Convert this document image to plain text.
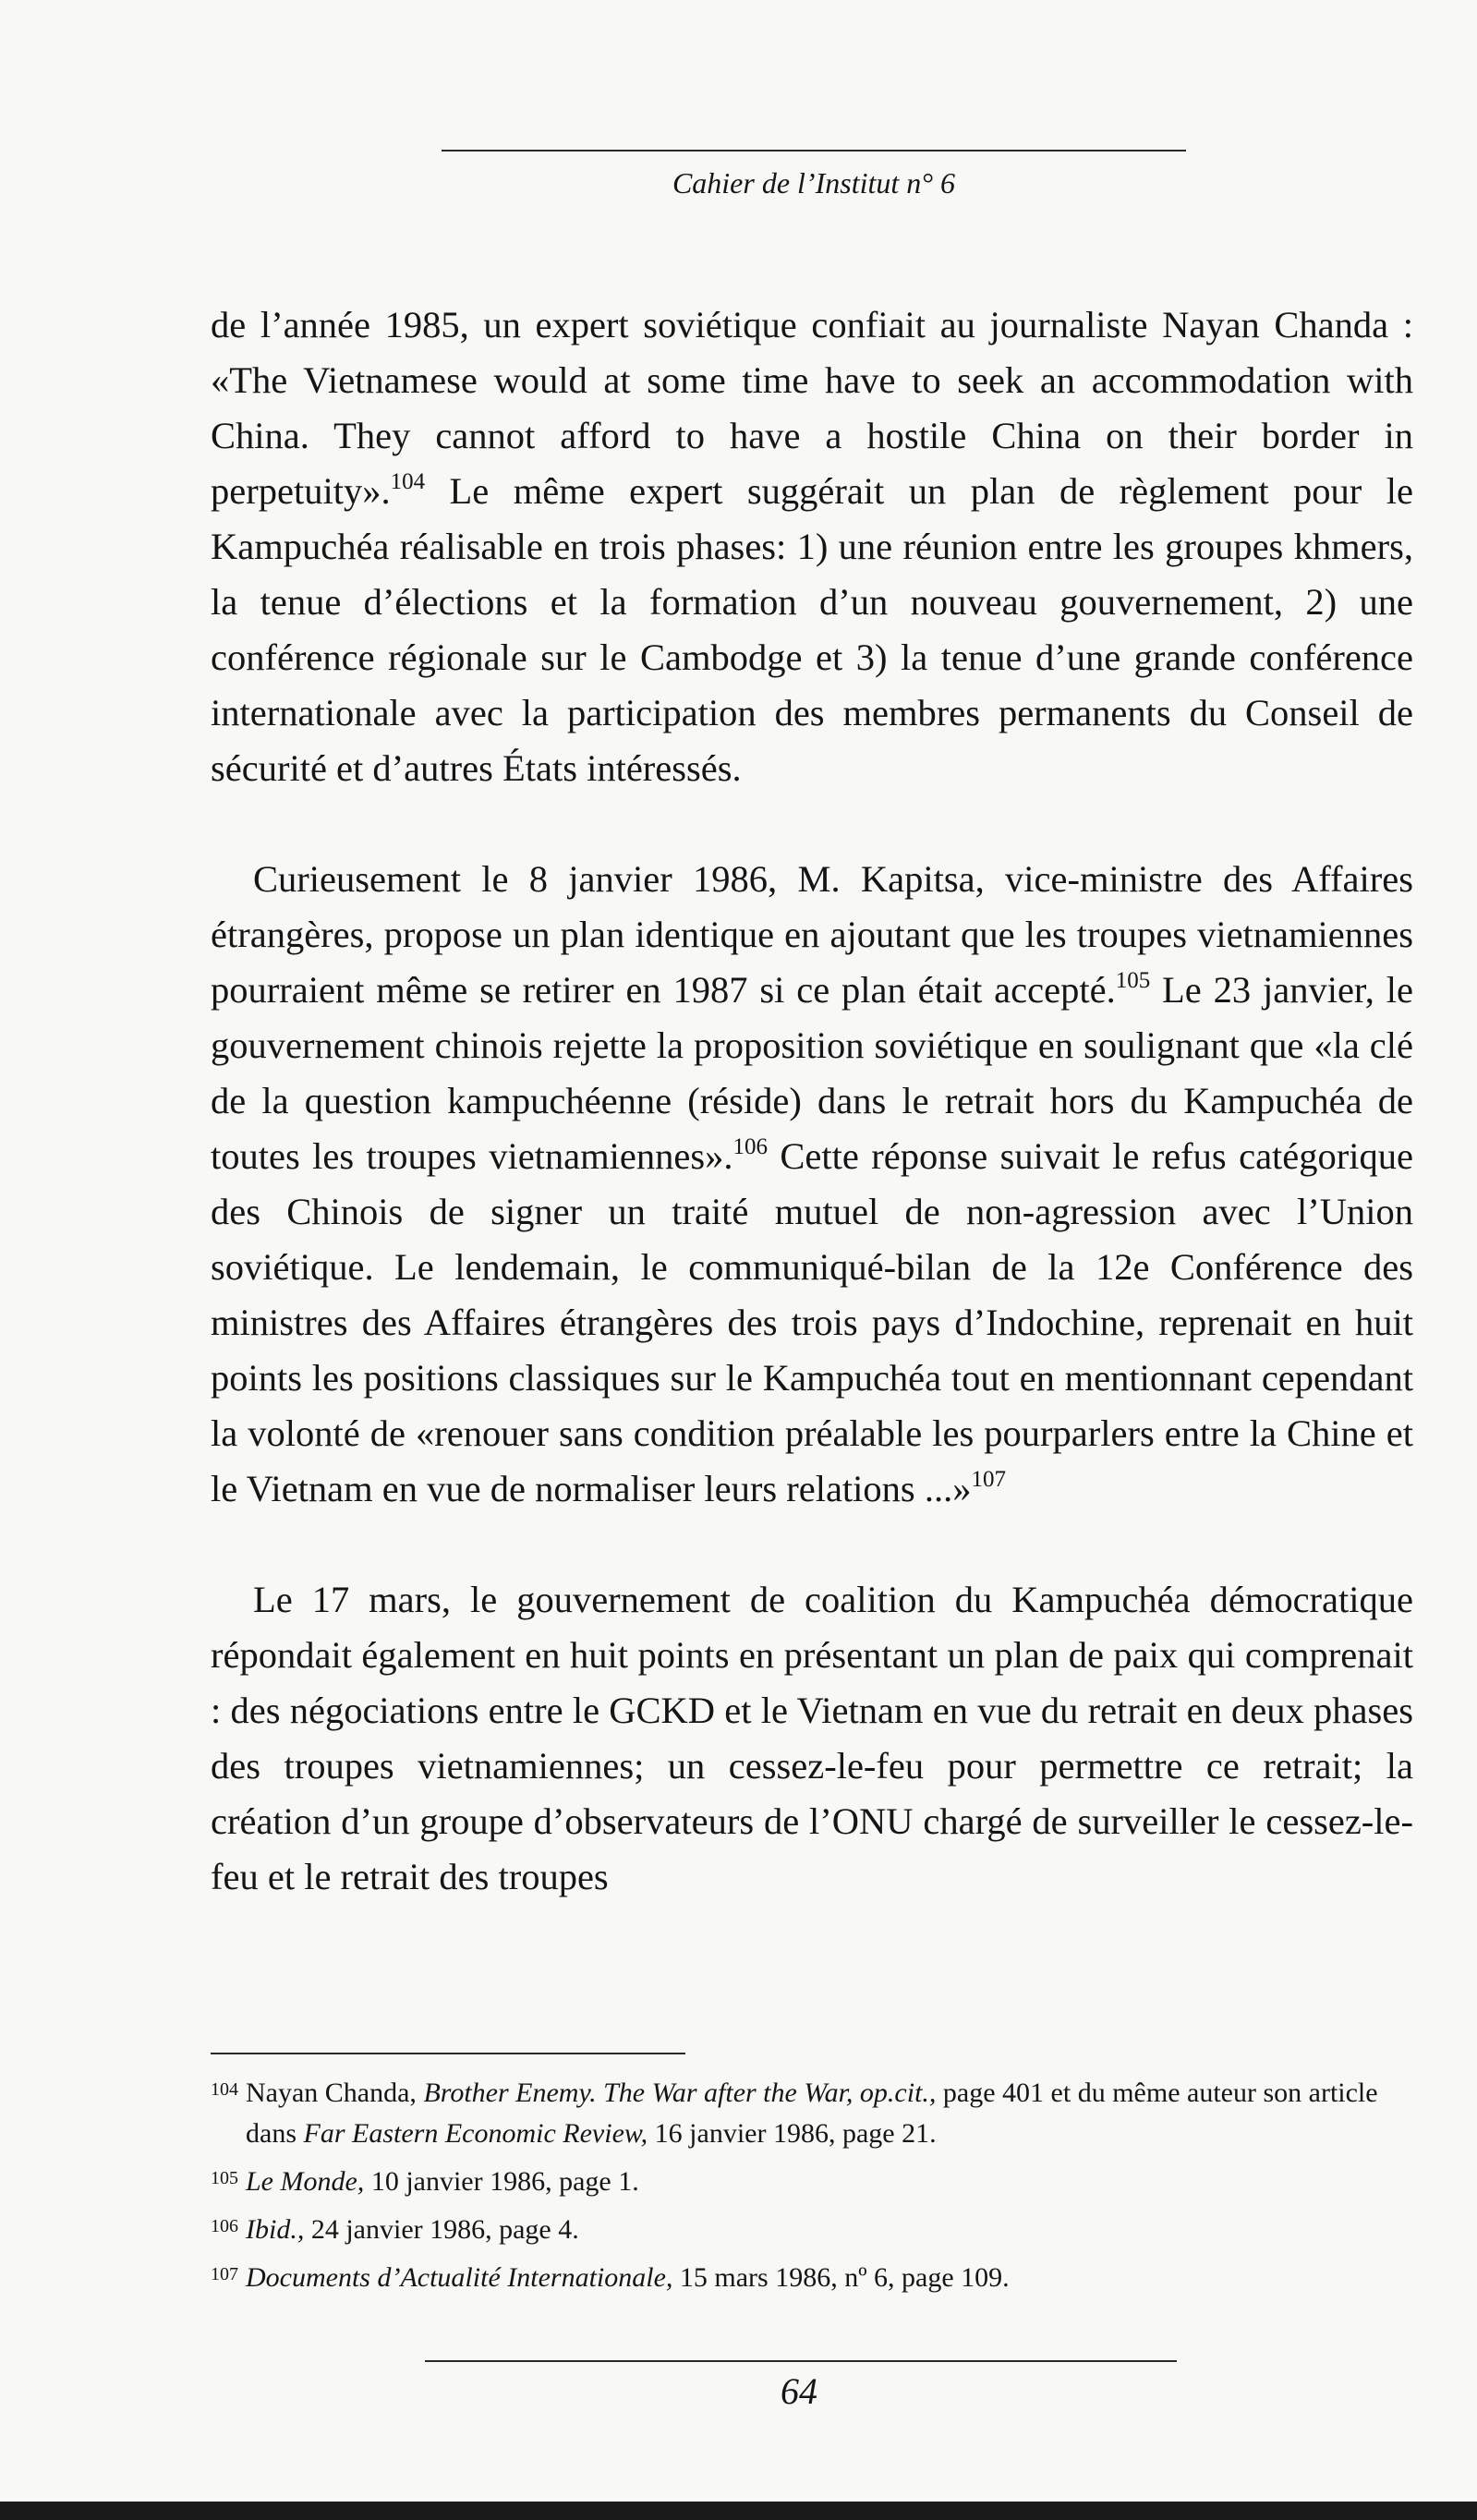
Cahier de l’Institut n° 6

de l’année 1985, un expert soviétique confiait au journaliste Nayan Chanda : «The Vietnamese would at some time have to seek an accommodation with China. They cannot afford to have a hostile China on their border in perpetuity».$^{104}$ Le même expert suggérait un plan de règlement pour le Kampuchéa réalisable en trois phases: 1) une réunion entre les groupes khmers, la tenue d’élections et la formation d’un nouveau gouvernement, 2) une conférence régionale sur le Cambodge et 3) la tenue d’une grande conférence internationale avec la participation des membres permanents du Conseil de sécurité et d’autres États intéressés.

Curieusement le 8 janvier 1986, M. Kapitsa, vice-ministre des Affaires étrangères, propose un plan identique en ajoutant que les troupes vietnamiennes pourraient même se retirer en 1987 si ce plan était accepté.$^{105}$ Le 23 janvier, le gouvernement chinois rejette la proposition soviétique en soulignant que «la clé de la question kampuchéenne (réside) dans le retrait hors du Kampuchéa de toutes les troupes vietnamiennes».$^{106}$ Cette réponse suivait le refus catégorique des Chinois de signer un traité mutuel de non-agression avec l’Union soviétique. Le lendemain, le communiqué-bilan de la 12e Conférence des ministres des Affaires étrangères des trois pays d’Indochine, reprenait en huit points les positions classiques sur le Kampuchéa tout en mentionnant cependant la volonté de «renouer sans condition préalable les pourparlers entre la Chine et le Vietnam en vue de normaliser leurs relations ...»$^{107}$

Le 17 mars, le gouvernement de coalition du Kampuchéa démocratique répondait également en huit points en présentant un plan de paix qui comprenait : des négociations entre le GCKD et le Vietnam en vue du retrait en deux phases des troupes vietnamiennes; un cessez-le-feu pour permettre ce retrait; la création d’un groupe d’observateurs de l’ONU chargé de surveiller le cessez-le-feu et le retrait des troupes

104 Nayan Chanda, Brother Enemy. The War after the War, op.cit., page 401 et du même auteur son article dans Far Eastern Economic Review, 16 janvier 1986, page 21.
105 Le Monde, 10 janvier 1986, page 1.
106 Ibid., 24 janvier 1986, page 4.
107 Documents d’Actualité Internationale, 15 mars 1986, nº 6, page 109.
64
